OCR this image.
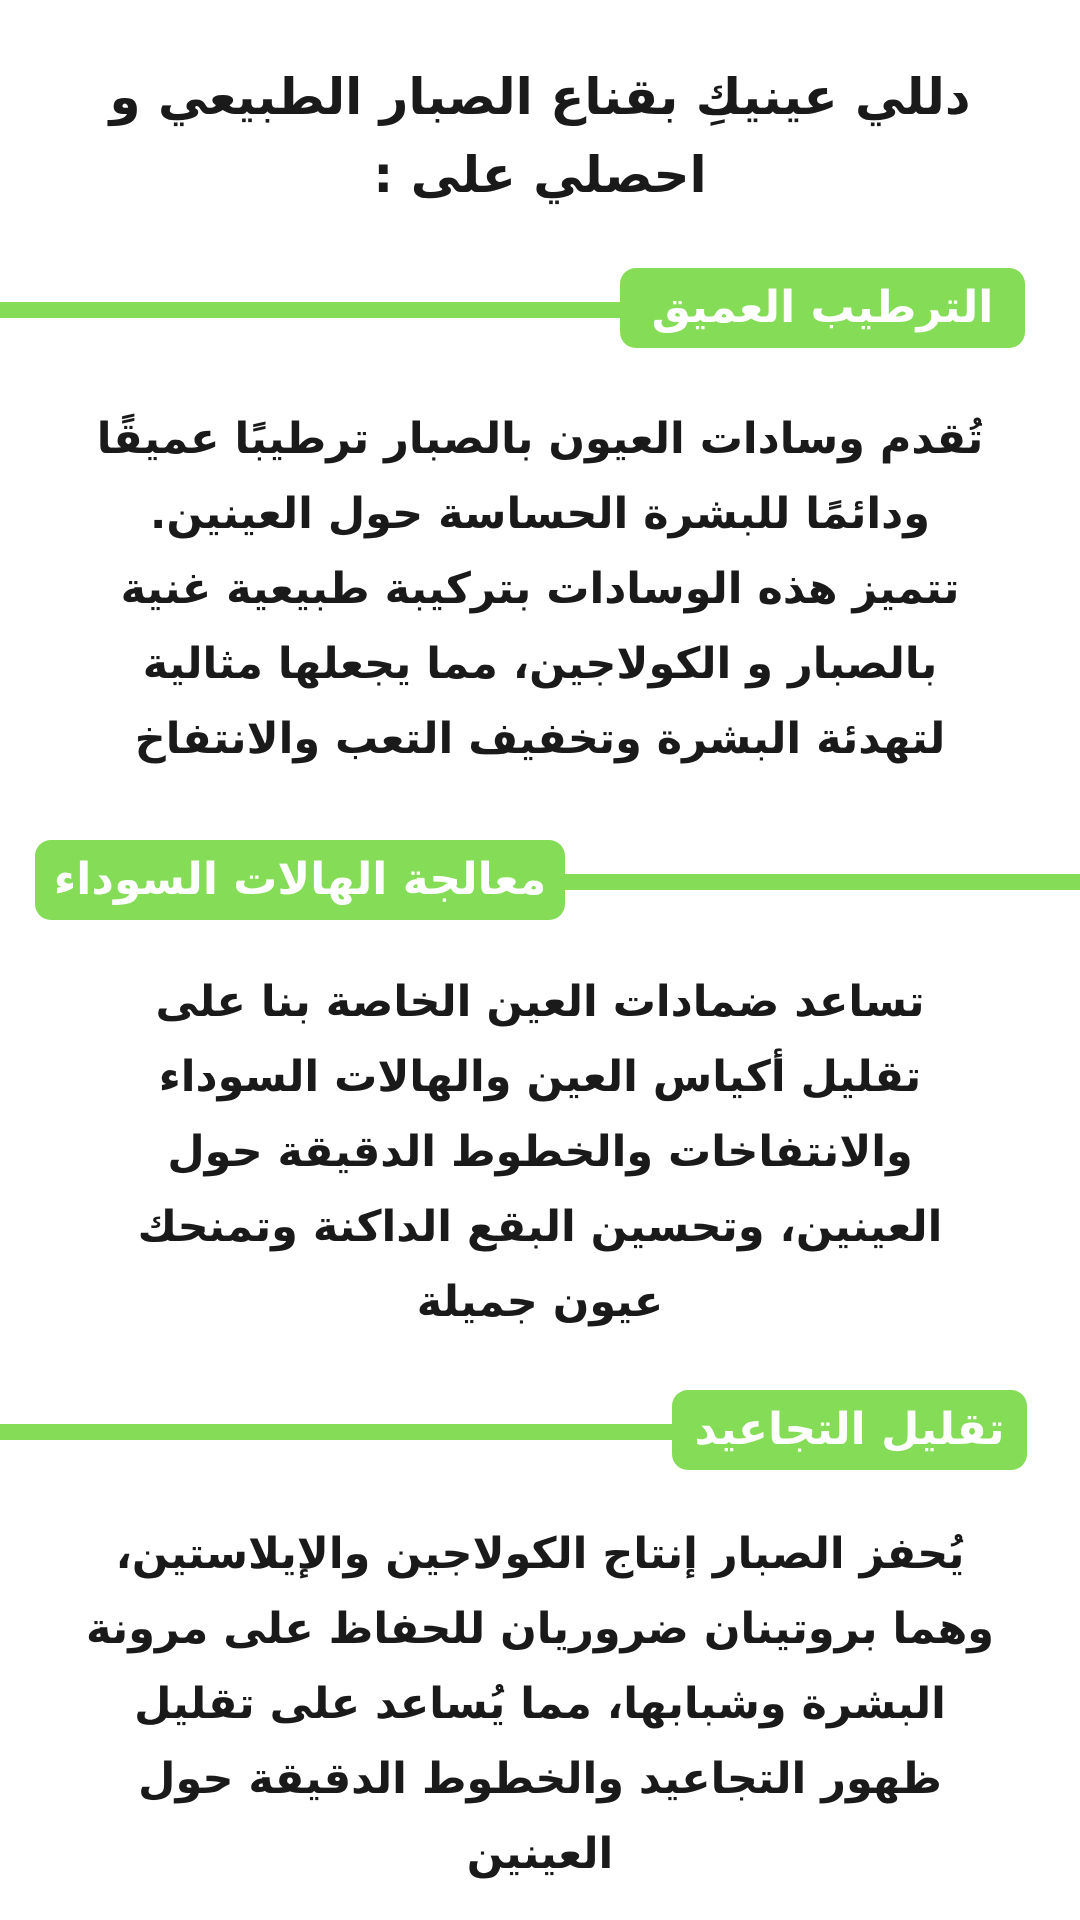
دللي عينيكِ بقناع الصبار الطبيعي و
احصلي على :
الترطيب العميق

تُقدم وسادات العيون بالصبار ترطيبًا عميقًا
ودائمًا للبشرة الحساسة حول العينين.
تتميز هذه الوسادات بتركيبة طبيعية غنية
بالصبار و الكولاجين، مما يجعلها مثالية
لتهدئة البشرة وتخفيف التعب والانتفاخ

معالجة الهالات السوداء

تساعد ضمادات العين الخاصة بنا على
تقليل أكياس العين والهالات السوداء
والانتفاخات والخطوط الدقيقة حول
العينين، وتحسين البقع الداكنة وتمنحك
عيون جميلة

تقليل التجاعيد

يُحفز الصبار إنتاج الكولاجين والإيلاستين،
وهما بروتينان ضروريان للحفاظ على مرونة
البشرة وشبابها، مما يُساعد على تقليل
ظهور التجاعيد والخطوط الدقيقة حول
العينين
